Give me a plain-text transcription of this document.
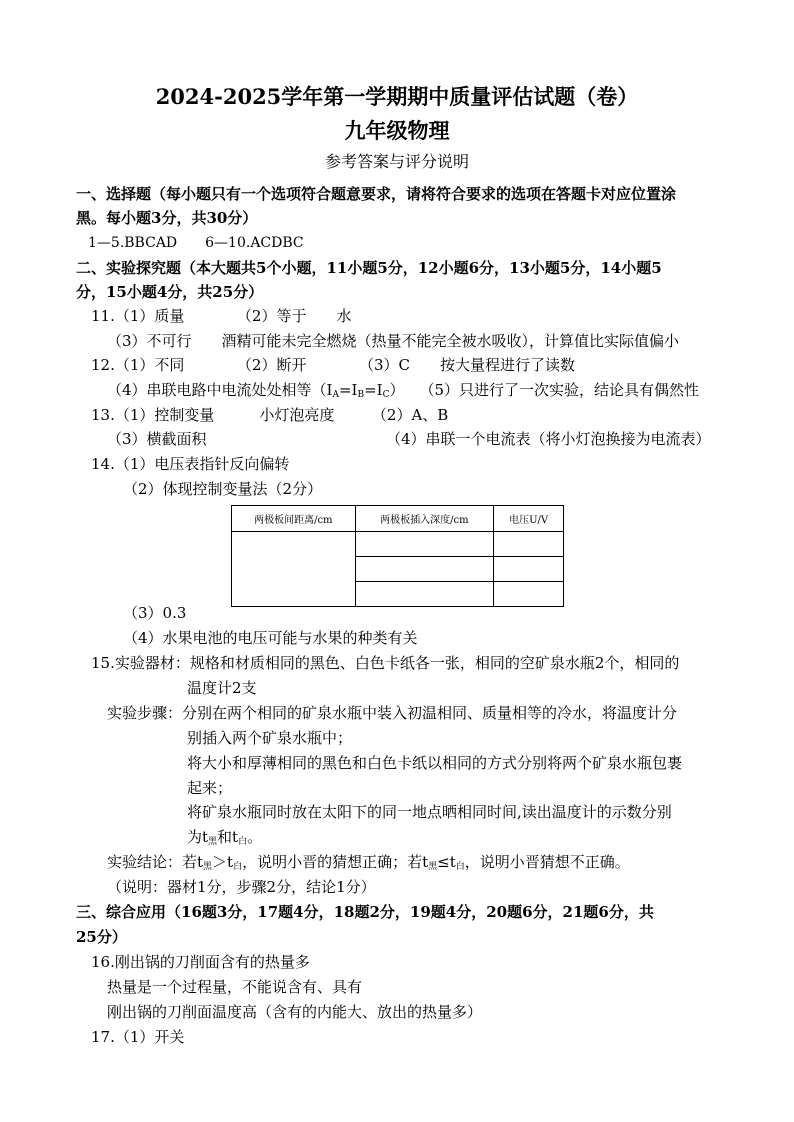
2024-2025学年第一学期期中质量评估试题（卷）
九年级物理
参考答案与评分说明
一、选择题（每小题只有一个选项符合题意要求，请将符合要求的选项在答题卡对应位置涂
黑。每小题3分，共30分）
1—5.BBCAD　　6—10.ACDBC
二、实验探究题（本大题共5个小题，11小题5分，12小题6分，13小题5分，14小题5
分，15小题4分，共25分）
11.（1）质量　　　　（2）等于　　水
（3）不可行　　酒精可能未完全燃烧（热量不能完全被水吸收），计算值比实际值偏小
12.（1）不同　　　　（2）断开　　　　（3）C　　按大量程进行了读数
（4）串联电路中电流处处相等$(I_A=I_B=I_C)$　　（5）只进行了一次实验，结论具有偶然性
13.（1）控制变量　　　小灯泡亮度　　　（2）A、B
（3）横截面积	（4）串联一个电流表（将小灯泡换接为电流表）
14.（1）电压表指针反向偏转
（2）体现控制变量法（2分）
两极板间距离/cm	两极板插入深度/cm	电压U/V

（3）0.3
（4）水果电池的电压可能与水果的种类有关
15.实验器材：规格和材质相同的黑色、白色卡纸各一张，相同的空矿泉水瓶2个，相同的
温度计2支
实验步骤：分别在两个相同的矿泉水瓶中装入初温相同、质量相等的冷水，将温度计分
别插入两个矿泉水瓶中；
将大小和厚薄相同的黑色和白色卡纸以相同的方式分别将两个矿泉水瓶包裹
起来；
将矿泉水瓶同时放在太阳下的同一地点晒相同时间,读出温度计的示数分别
为$t_黑$和$t_白$。
实验结论：若$t_黑>t_白$，说明小晋的猜想正确；若$t_黑\le t_白$，说明小晋猜想不正确。
（说明：器材1分，步骤2分，结论1分）
三、综合应用（16题3分，17题4分，18题2分，19题4分，20题6分，21题6分，共
25分）
16.刚出锅的刀削面含有的热量多
热量是一个过程量，不能说含有、具有
刚出锅的刀削面温度高（含有的内能大、放出的热量多）
17.（1）开关
